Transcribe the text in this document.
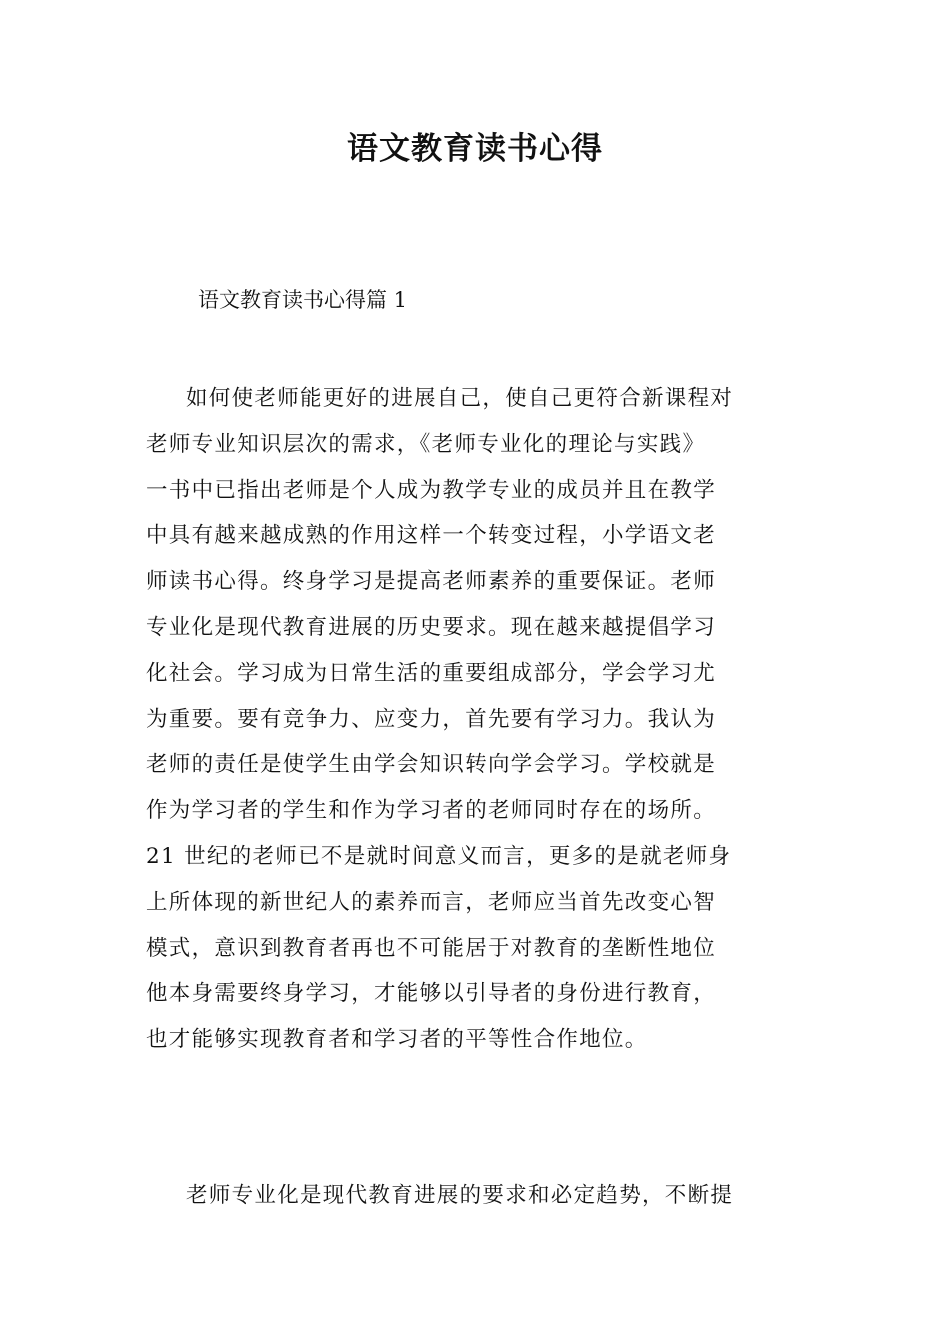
语文教育读书心得

语文教育读书心得篇 1

如何使老师能更好的进展自己，使自己更符合新课程对
老师专业知识层次的需求，《老师专业化的理论与实践》
一书中已指出老师是个人成为教学专业的成员并且在教学
中具有越来越成熟的作用这样一个转变过程，小学语文老
师读书心得。终身学习是提高老师素养的重要保证。老师
专业化是现代教育进展的历史要求。现在越来越提倡学习
化社会。学习成为日常生活的重要组成部分，学会学习尤
为重要。要有竞争力、应变力，首先要有学习力。我认为
老师的责任是使学生由学会知识转向学会学习。学校就是
作为学习者的学生和作为学习者的老师同时存在的场所。
21 世纪的老师已不是就时间意义而言，更多的是就老师身
上所体现的新世纪人的素养而言，老师应当首先改变心智
模式，意识到教育者再也不可能居于对教育的垄断性地位
他本身需要终身学习，才能够以引导者的身份进行教育，
也才能够实现教育者和学习者的平等性合作地位。
老师专业化是现代教育进展的要求和必定趋势，不断提
